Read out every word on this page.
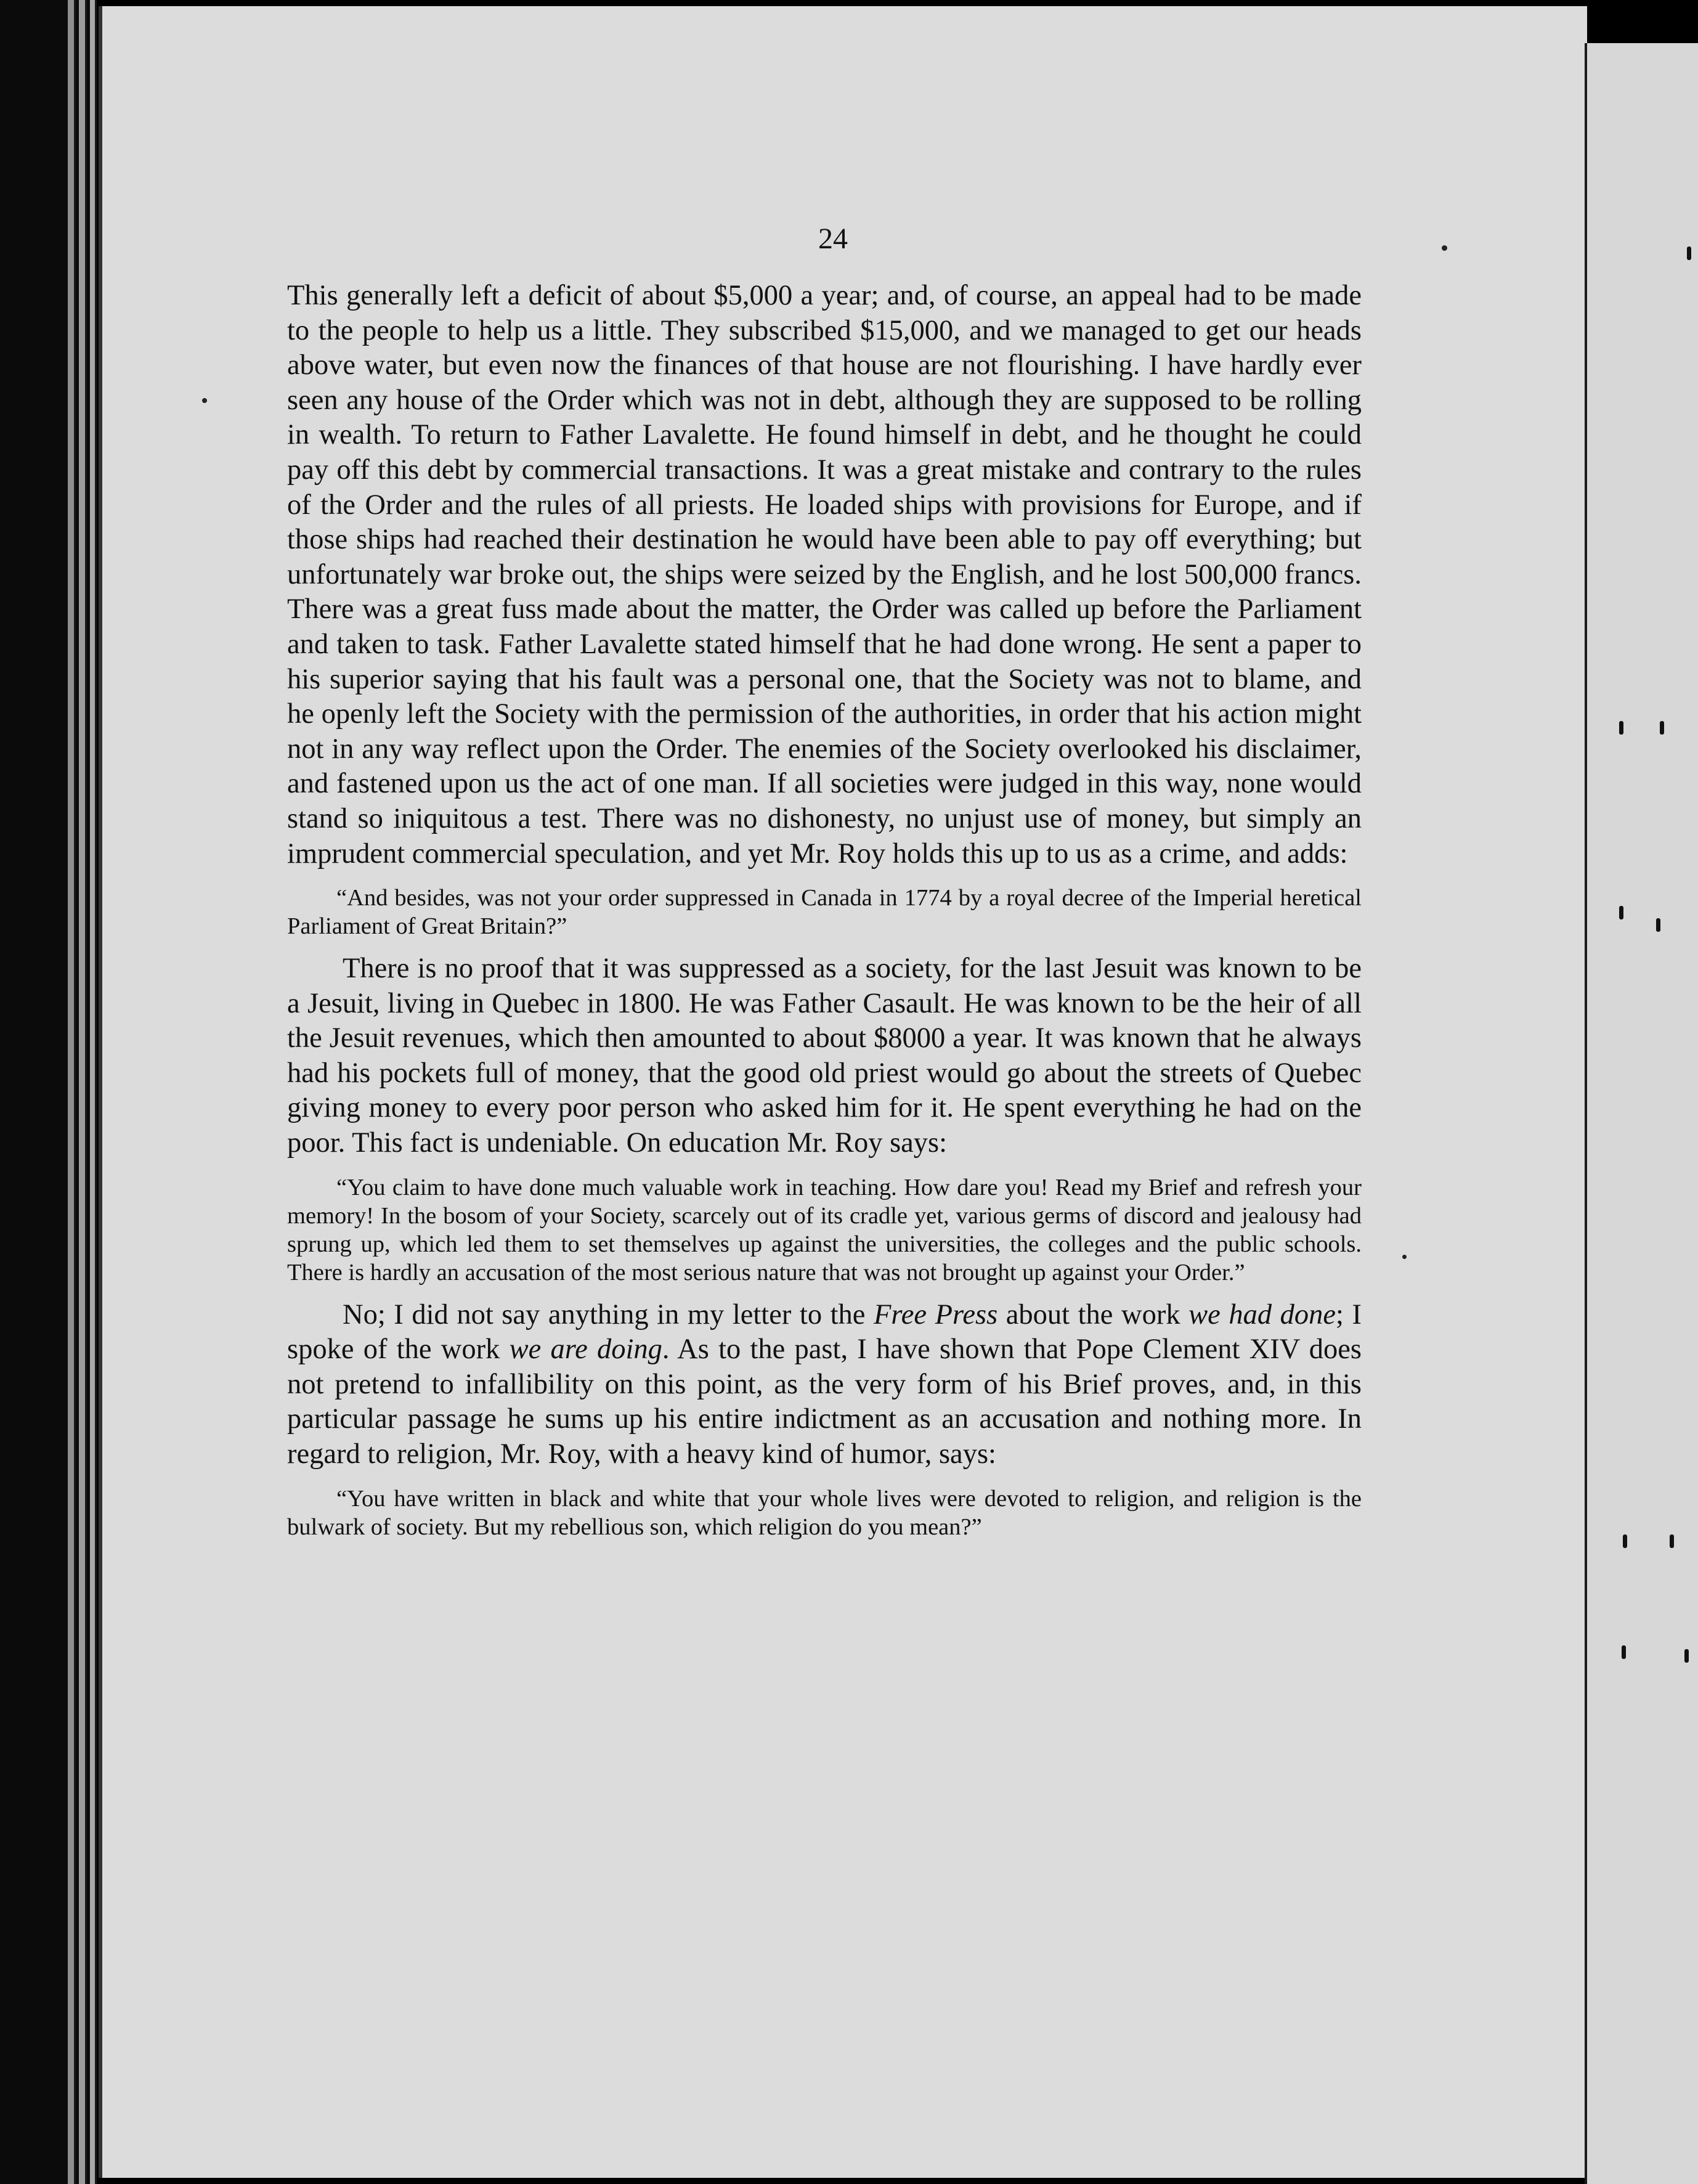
24

This generally left a deficit of about $5,000 a year; and, of course, an appeal had to be made to the people to help us a little. They subscribed $15,000, and we managed to get our heads above water, but even now the finances of that house are not flourishing. I have hardly ever seen any house of the Order which was not in debt, although they are supposed to be rolling in wealth. To return to Father Lavalette. He found himself in debt, and he thought he could pay off this debt by commercial transactions. It was a great mistake and contrary to the rules of the Order and the rules of all priests. He loaded ships with provisions for Europe, and if those ships had reached their destination he would have been able to pay off everything; but unfortunately war broke out, the ships were seized by the English, and he lost 500,000 francs. There was a great fuss made about the matter, the Order was called up before the Parliament and taken to task. Father Lavalette stated himself that he had done wrong. He sent a paper to his superior saying that his fault was a personal one, that the Society was not to blame, and he openly left the Society with the permission of the authorities, in order that his action might not in any way reflect upon the Order. The enemies of the Society overlooked his disclaimer, and fastened upon us the act of one man. If all societies were judged in this way, none would stand so iniquitous a test. There was no dishonesty, no unjust use of money, but simply an imprudent commercial speculation, and yet Mr. Roy holds this up to us as a crime, and adds:

“And besides, was not your order suppressed in Canada in 1774 by a royal decree of the Imperial heretical Parliament of Great Britain?”

There is no proof that it was suppressed as a society, for the last Jesuit was known to be a Jesuit, living in Quebec in 1800. He was Father Casault. He was known to be the heir of all the Jesuit revenues, which then amounted to about $8000 a year. It was known that he always had his pockets full of money, that the good old priest would go about the streets of Quebec giving money to every poor person who asked him for it. He spent everything he had on the poor. This fact is undeniable. On education Mr. Roy says:

“You claim to have done much valuable work in teaching. How dare you! Read my Brief and refresh your memory! In the bosom of your Society, scarcely out of its cradle yet, various germs of discord and jealousy had sprung up, which led them to set themselves up against the universities, the colleges and the public schools. There is hardly an accusation of the most serious nature that was not brought up against your Order.”

No; I did not say anything in my letter to the Free Press about the work we had done; I spoke of the work we are doing. As to the past, I have shown that Pope Clement XIV does not pretend to infallibility on this point, as the very form of his Brief proves, and, in this particular passage he sums up his entire indictment as an accusation and nothing more. In regard to religion, Mr. Roy, with a heavy kind of humor, says:

“You have written in black and white that your whole lives were devoted to religion, and religion is the bulwark of society. But my rebellious son, which religion do you mean?”
